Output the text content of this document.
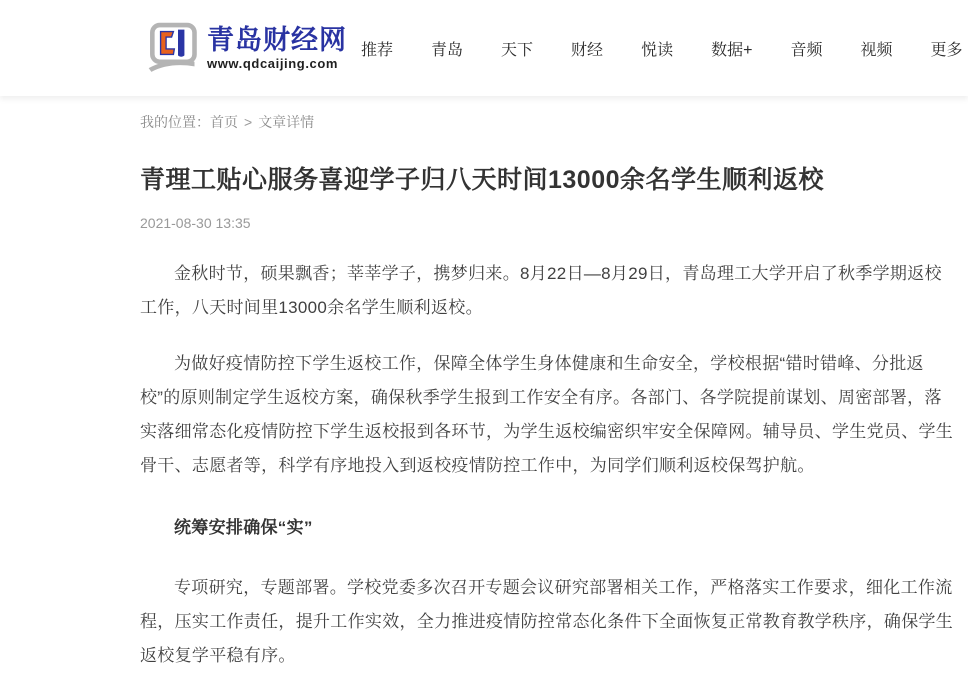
青岛财经网
www.qdcaijing.com
推荐 青岛 天下 财经 悦读 数据+ 音频 视频 更多
我的位置：首页 > 文章详情
青理工贴心服务喜迎学子归八天时间13000余名学生顺利返校
2021-08-30 13:35

金秋时节，硕果飘香；莘莘学子，携梦归来。8月22日—8月29日，青岛理工大学开启了秋季学期返校工作，八天时间里13000余名学生顺利返校。

为做好疫情防控下学生返校工作，保障全体学生身体健康和生命安全，学校根据“错时错峰、分批返校”的原则制定学生返校方案，确保秋季学生报到工作安全有序。各部门、各学院提前谋划、周密部署，落实落细常态化疫情防控下学生返校报到各环节，为学生返校编密织牢安全保障网。辅导员、学生党员、学生骨干、志愿者等，科学有序地投入到返校疫情防控工作中，为同学们顺利返校保驾护航。

统筹安排确保“实”

专项研究，专题部署。学校党委多次召开专题会议研究部署相关工作，严格落实工作要求，细化工作流程，压实工作责任，提升工作实效，全力推进疫情防控常态化条件下全面恢复正常教育教学秩序，确保学生返校复学平稳有序。
